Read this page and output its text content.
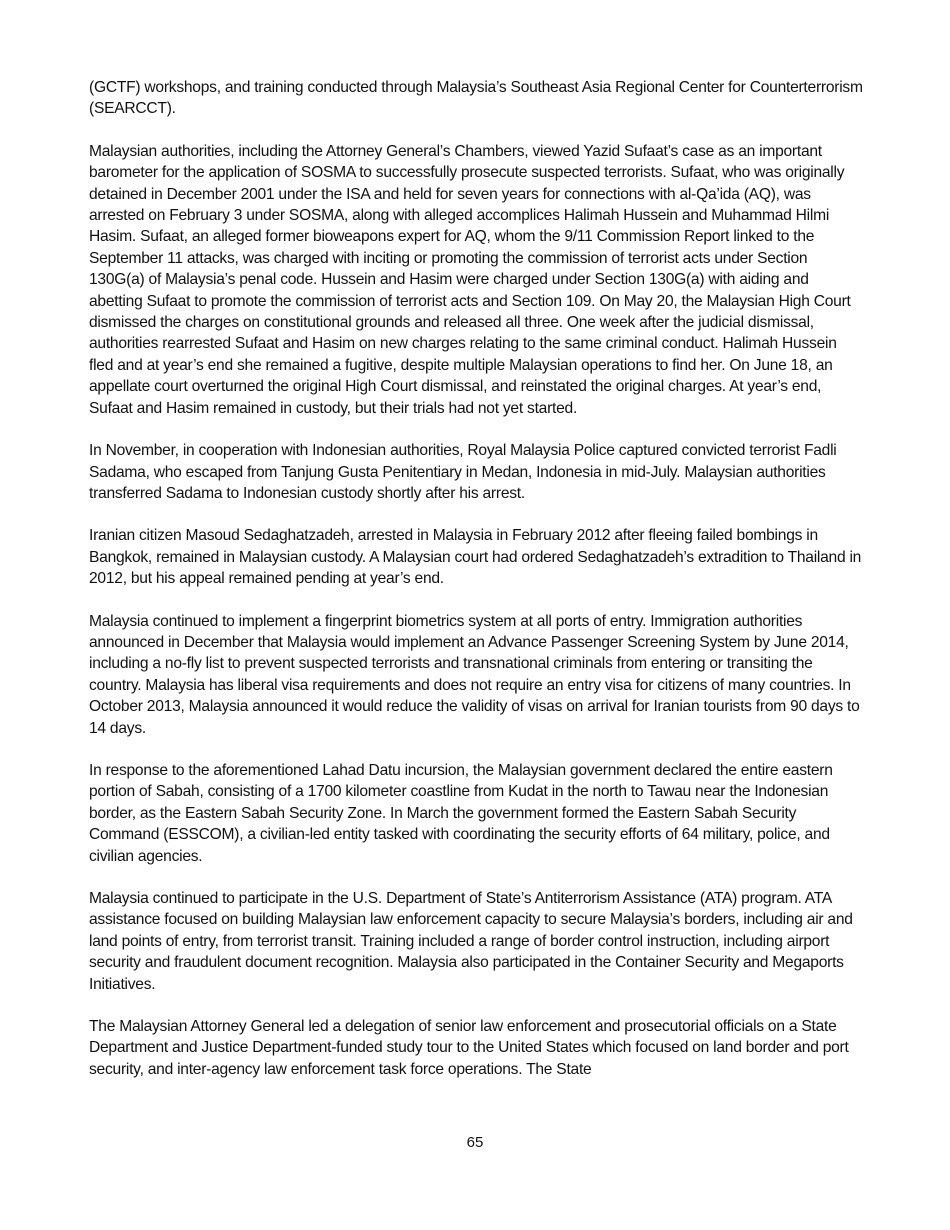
(GCTF) workshops, and training conducted through Malaysia’s Southeast Asia Regional Center for Counterterrorism (SEARCCT).

Malaysian authorities, including the Attorney General’s Chambers, viewed Yazid Sufaat’s case as an important barometer for the application of SOSMA to successfully prosecute suspected terrorists. Sufaat, who was originally detained in December 2001 under the ISA and held for seven years for connections with al-Qa’ida (AQ), was arrested on February 3 under SOSMA, along with alleged accomplices Halimah Hussein and Muhammad Hilmi Hasim. Sufaat, an alleged former bioweapons expert for AQ, whom the 9/11 Commission Report linked to the September 11 attacks, was charged with inciting or promoting the commission of terrorist acts under Section 130G(a) of Malaysia’s penal code. Hussein and Hasim were charged under Section 130G(a) with aiding and abetting Sufaat to promote the commission of terrorist acts and Section 109. On May 20, the Malaysian High Court dismissed the charges on constitutional grounds and released all three. One week after the judicial dismissal, authorities rearrested Sufaat and Hasim on new charges relating to the same criminal conduct. Halimah Hussein fled and at year’s end she remained a fugitive, despite multiple Malaysian operations to find her. On June 18, an appellate court overturned the original High Court dismissal, and reinstated the original charges. At year’s end, Sufaat and Hasim remained in custody, but their trials had not yet started.

In November, in cooperation with Indonesian authorities, Royal Malaysia Police captured convicted terrorist Fadli Sadama, who escaped from Tanjung Gusta Penitentiary in Medan, Indonesia in mid-July. Malaysian authorities transferred Sadama to Indonesian custody shortly after his arrest.

Iranian citizen Masoud Sedaghatzadeh, arrested in Malaysia in February 2012 after fleeing failed bombings in Bangkok, remained in Malaysian custody. A Malaysian court had ordered Sedaghatzadeh’s extradition to Thailand in 2012, but his appeal remained pending at year’s end.

Malaysia continued to implement a fingerprint biometrics system at all ports of entry. Immigration authorities announced in December that Malaysia would implement an Advance Passenger Screening System by June 2014, including a no-fly list to prevent suspected terrorists and transnational criminals from entering or transiting the country. Malaysia has liberal visa requirements and does not require an entry visa for citizens of many countries. In October 2013, Malaysia announced it would reduce the validity of visas on arrival for Iranian tourists from 90 days to 14 days.

In response to the aforementioned Lahad Datu incursion, the Malaysian government declared the entire eastern portion of Sabah, consisting of a 1700 kilometer coastline from Kudat in the north to Tawau near the Indonesian border, as the Eastern Sabah Security Zone. In March the government formed the Eastern Sabah Security Command (ESSCOM), a civilian-led entity tasked with coordinating the security efforts of 64 military, police, and civilian agencies.

Malaysia continued to participate in the U.S. Department of State’s Antiterrorism Assistance (ATA) program. ATA assistance focused on building Malaysian law enforcement capacity to secure Malaysia’s borders, including air and land points of entry, from terrorist transit. Training included a range of border control instruction, including airport security and fraudulent document recognition. Malaysia also participated in the Container Security and Megaports Initiatives.

The Malaysian Attorney General led a delegation of senior law enforcement and prosecutorial officials on a State Department and Justice Department-funded study tour to the United States which focused on land border and port security, and inter-agency law enforcement task force operations. The State

65
